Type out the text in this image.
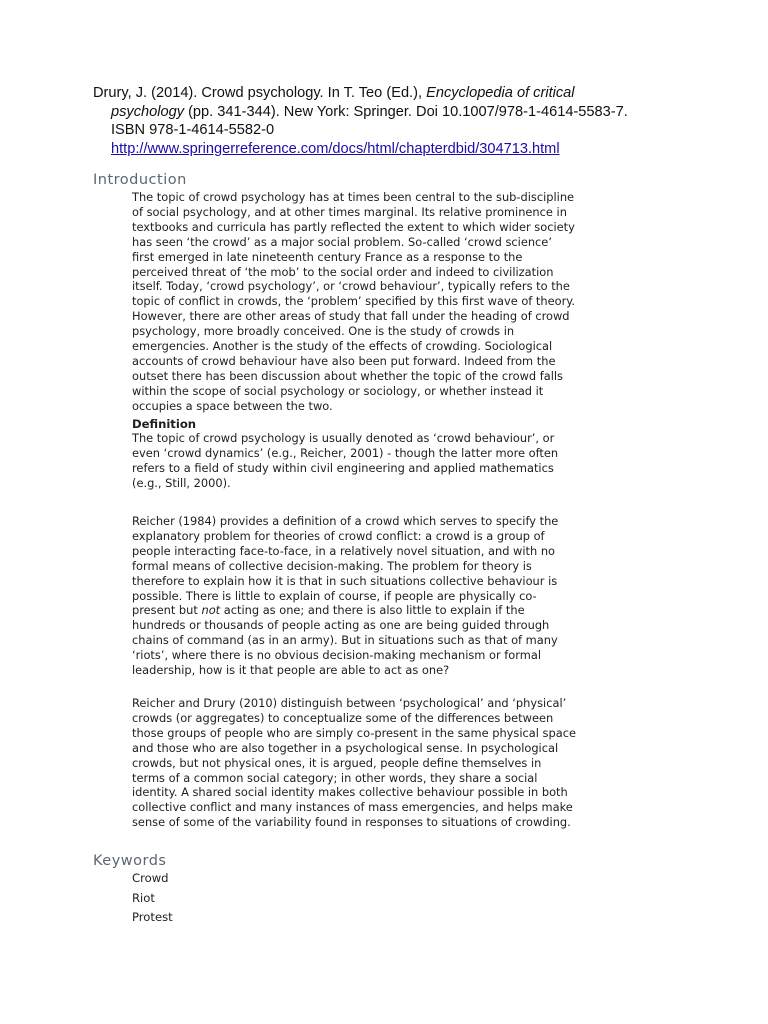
Drury, J. (2014). Crowd psychology. In T. Teo (Ed.), Encyclopedia of critical
psychology (pp. 341-344). New York: Springer. Doi 10.1007/978-1-4614-5583-7.
ISBN 978-1-4614-5582-0
http://www.springerreference.com/docs/html/chapterdbid/304713.html
Introduction
The topic of crowd psychology has at times been central to the sub-discipline
of social psychology, and at other times marginal. Its relative prominence in
textbooks and curricula has partly reflected the extent to which wider society
has seen ‘the crowd’ as a major social problem. So-called ‘crowd science’
first emerged in late nineteenth century France as a response to the
perceived threat of ‘the mob’ to the social order and indeed to civilization
itself. Today, ‘crowd psychology’, or ‘crowd behaviour’, typically refers to the
topic of conflict in crowds, the ‘problem’ specified by this first wave of theory.
However, there are other areas of study that fall under the heading of crowd
psychology, more broadly conceived. One is the study of crowds in
emergencies. Another is the study of the effects of crowding. Sociological
accounts of crowd behaviour have also been put forward. Indeed from the
outset there has been discussion about whether the topic of the crowd falls
within the scope of social psychology or sociology, or whether instead it
occupies a space between the two.
Definition
The topic of crowd psychology is usually denoted as ‘crowd behaviour’, or
even ‘crowd dynamics’ (e.g., Reicher, 2001) - though the latter more often
refers to a field of study within civil engineering and applied mathematics
(e.g., Still, 2000).
Reicher (1984) provides a definition of a crowd which serves to specify the
explanatory problem for theories of crowd conflict: a crowd is a group of
people interacting face-to-face, in a relatively novel situation, and with no
formal means of collective decision-making. The problem for theory is
therefore to explain how it is that in such situations collective behaviour is
possible. There is little to explain of course, if people are physically co-
present but not acting as one; and there is also little to explain if the
hundreds or thousands of people acting as one are being guided through
chains of command (as in an army). But in situations such as that of many
‘riots’, where there is no obvious decision-making mechanism or formal
leadership, how is it that people are able to act as one?
Reicher and Drury (2010) distinguish between ‘psychological’ and ‘physical’
crowds (or aggregates) to conceptualize some of the differences between
those groups of people who are simply co-present in the same physical space
and those who are also together in a psychological sense. In psychological
crowds, but not physical ones, it is argued, people define themselves in
terms of a common social category; in other words, they share a social
identity. A shared social identity makes collective behaviour possible in both
collective conflict and many instances of mass emergencies, and helps make
sense of some of the variability found in responses to situations of crowding.
Keywords
Crowd
Riot
Protest
